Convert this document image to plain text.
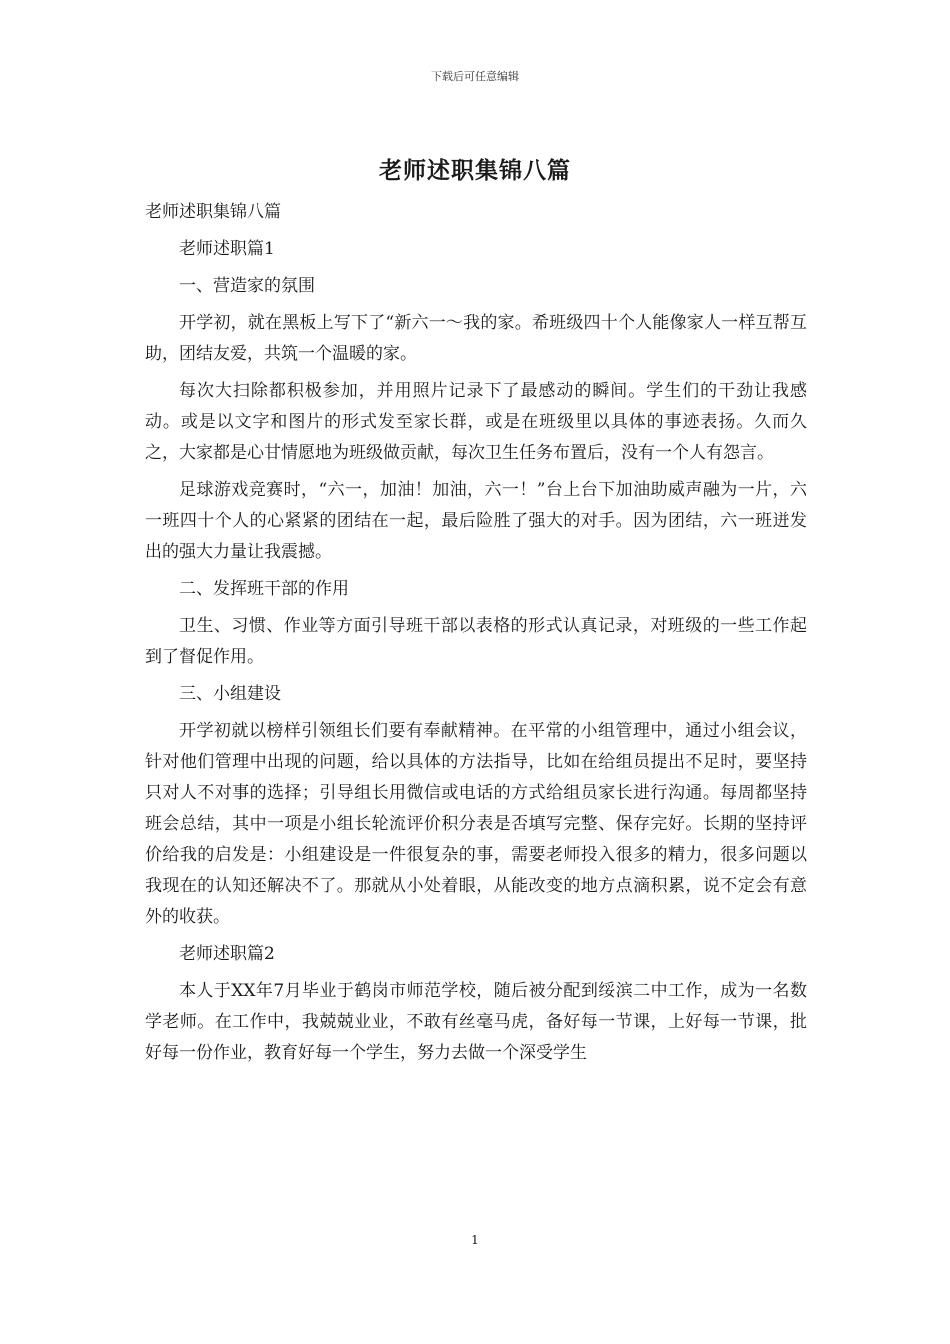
下载后可任意编辑
老师述职集锦八篇

老师述职集锦八篇

老师述职篇1

一、营造家的氛围

开学初，就在黑板上写下了“新六一～我的家。希班级四十个人能像家人一样互帮互助，团结友爱，共筑一个温暖的家。

每次大扫除都积极参加，并用照片记录下了最感动的瞬间。学生们的干劲让我感动。或是以文字和图片的形式发至家长群，或是在班级里以具体的事迹表扬。久而久之，大家都是心甘情愿地为班级做贡献，每次卫生任务布置后，没有一个人有怨言。

足球游戏竞赛时，“六一，加油！加油，六一！”台上台下加油助威声融为一片，六一班四十个人的心紧紧的团结在一起，最后险胜了强大的对手。因为团结，六一班迸发出的强大力量让我震撼。

二、发挥班干部的作用

卫生、习惯、作业等方面引导班干部以表格的形式认真记录，对班级的一些工作起到了督促作用。

三、小组建设

开学初就以榜样引领组长们要有奉献精神。在平常的小组管理中，通过小组会议，针对他们管理中出现的问题，给以具体的方法指导，比如在给组员提出不足时，要坚持只对人不对事的选择；引导组长用微信或电话的方式给组员家长进行沟通。每周都坚持班会总结，其中一项是小组长轮流评价积分表是否填写完整、保存完好。长期的坚持评价给我的启发是：小组建设是一件很复杂的事，需要老师投入很多的精力，很多问题以我现在的认知还解决不了。那就从小处着眼，从能改变的地方点滴积累，说不定会有意外的收获。

老师述职篇2

本人于XX年7月毕业于鹤岗市师范学校，随后被分配到绥滨二中工作，成为一名数学老师。在工作中，我兢兢业业，不敢有丝毫马虎，备好每一节课，上好每一节课，批好每一份作业，教育好每一个学生，努力去做一个深受学生

1
